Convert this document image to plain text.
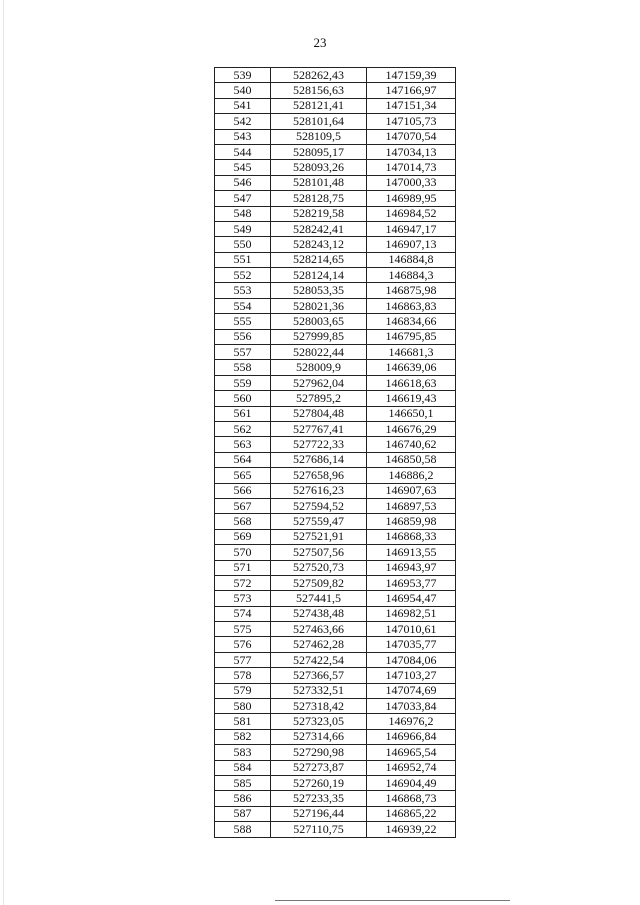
23
539	528262,43	147159,39
540	528156,63	147166,97
541	528121,41	147151,34
542	528101,64	147105,73
543	528109,5	147070,54
544	528095,17	147034,13
545	528093,26	147014,73
546	528101,48	147000,33
547	528128,75	146989,95
548	528219,58	146984,52
549	528242,41	146947,17
550	528243,12	146907,13
551	528214,65	146884,8
552	528124,14	146884,3
553	528053,35	146875,98
554	528021,36	146863,83
555	528003,65	146834,66
556	527999,85	146795,85
557	528022,44	146681,3
558	528009,9	146639,06
559	527962,04	146618,63
560	527895,2	146619,43
561	527804,48	146650,1
562	527767,41	146676,29
563	527722,33	146740,62
564	527686,14	146850,58
565	527658,96	146886,2
566	527616,23	146907,63
567	527594,52	146897,53
568	527559,47	146859,98
569	527521,91	146868,33
570	527507,56	146913,55
571	527520,73	146943,97
572	527509,82	146953,77
573	527441,5	146954,47
574	527438,48	146982,51
575	527463,66	147010,61
576	527462,28	147035,77
577	527422,54	147084,06
578	527366,57	147103,27
579	527332,51	147074,69
580	527318,42	147033,84
581	527323,05	146976,2
582	527314,66	146966,84
583	527290,98	146965,54
584	527273,87	146952,74
585	527260,19	146904,49
586	527233,35	146868,73
587	527196,44	146865,22
588	527110,75	146939,22
